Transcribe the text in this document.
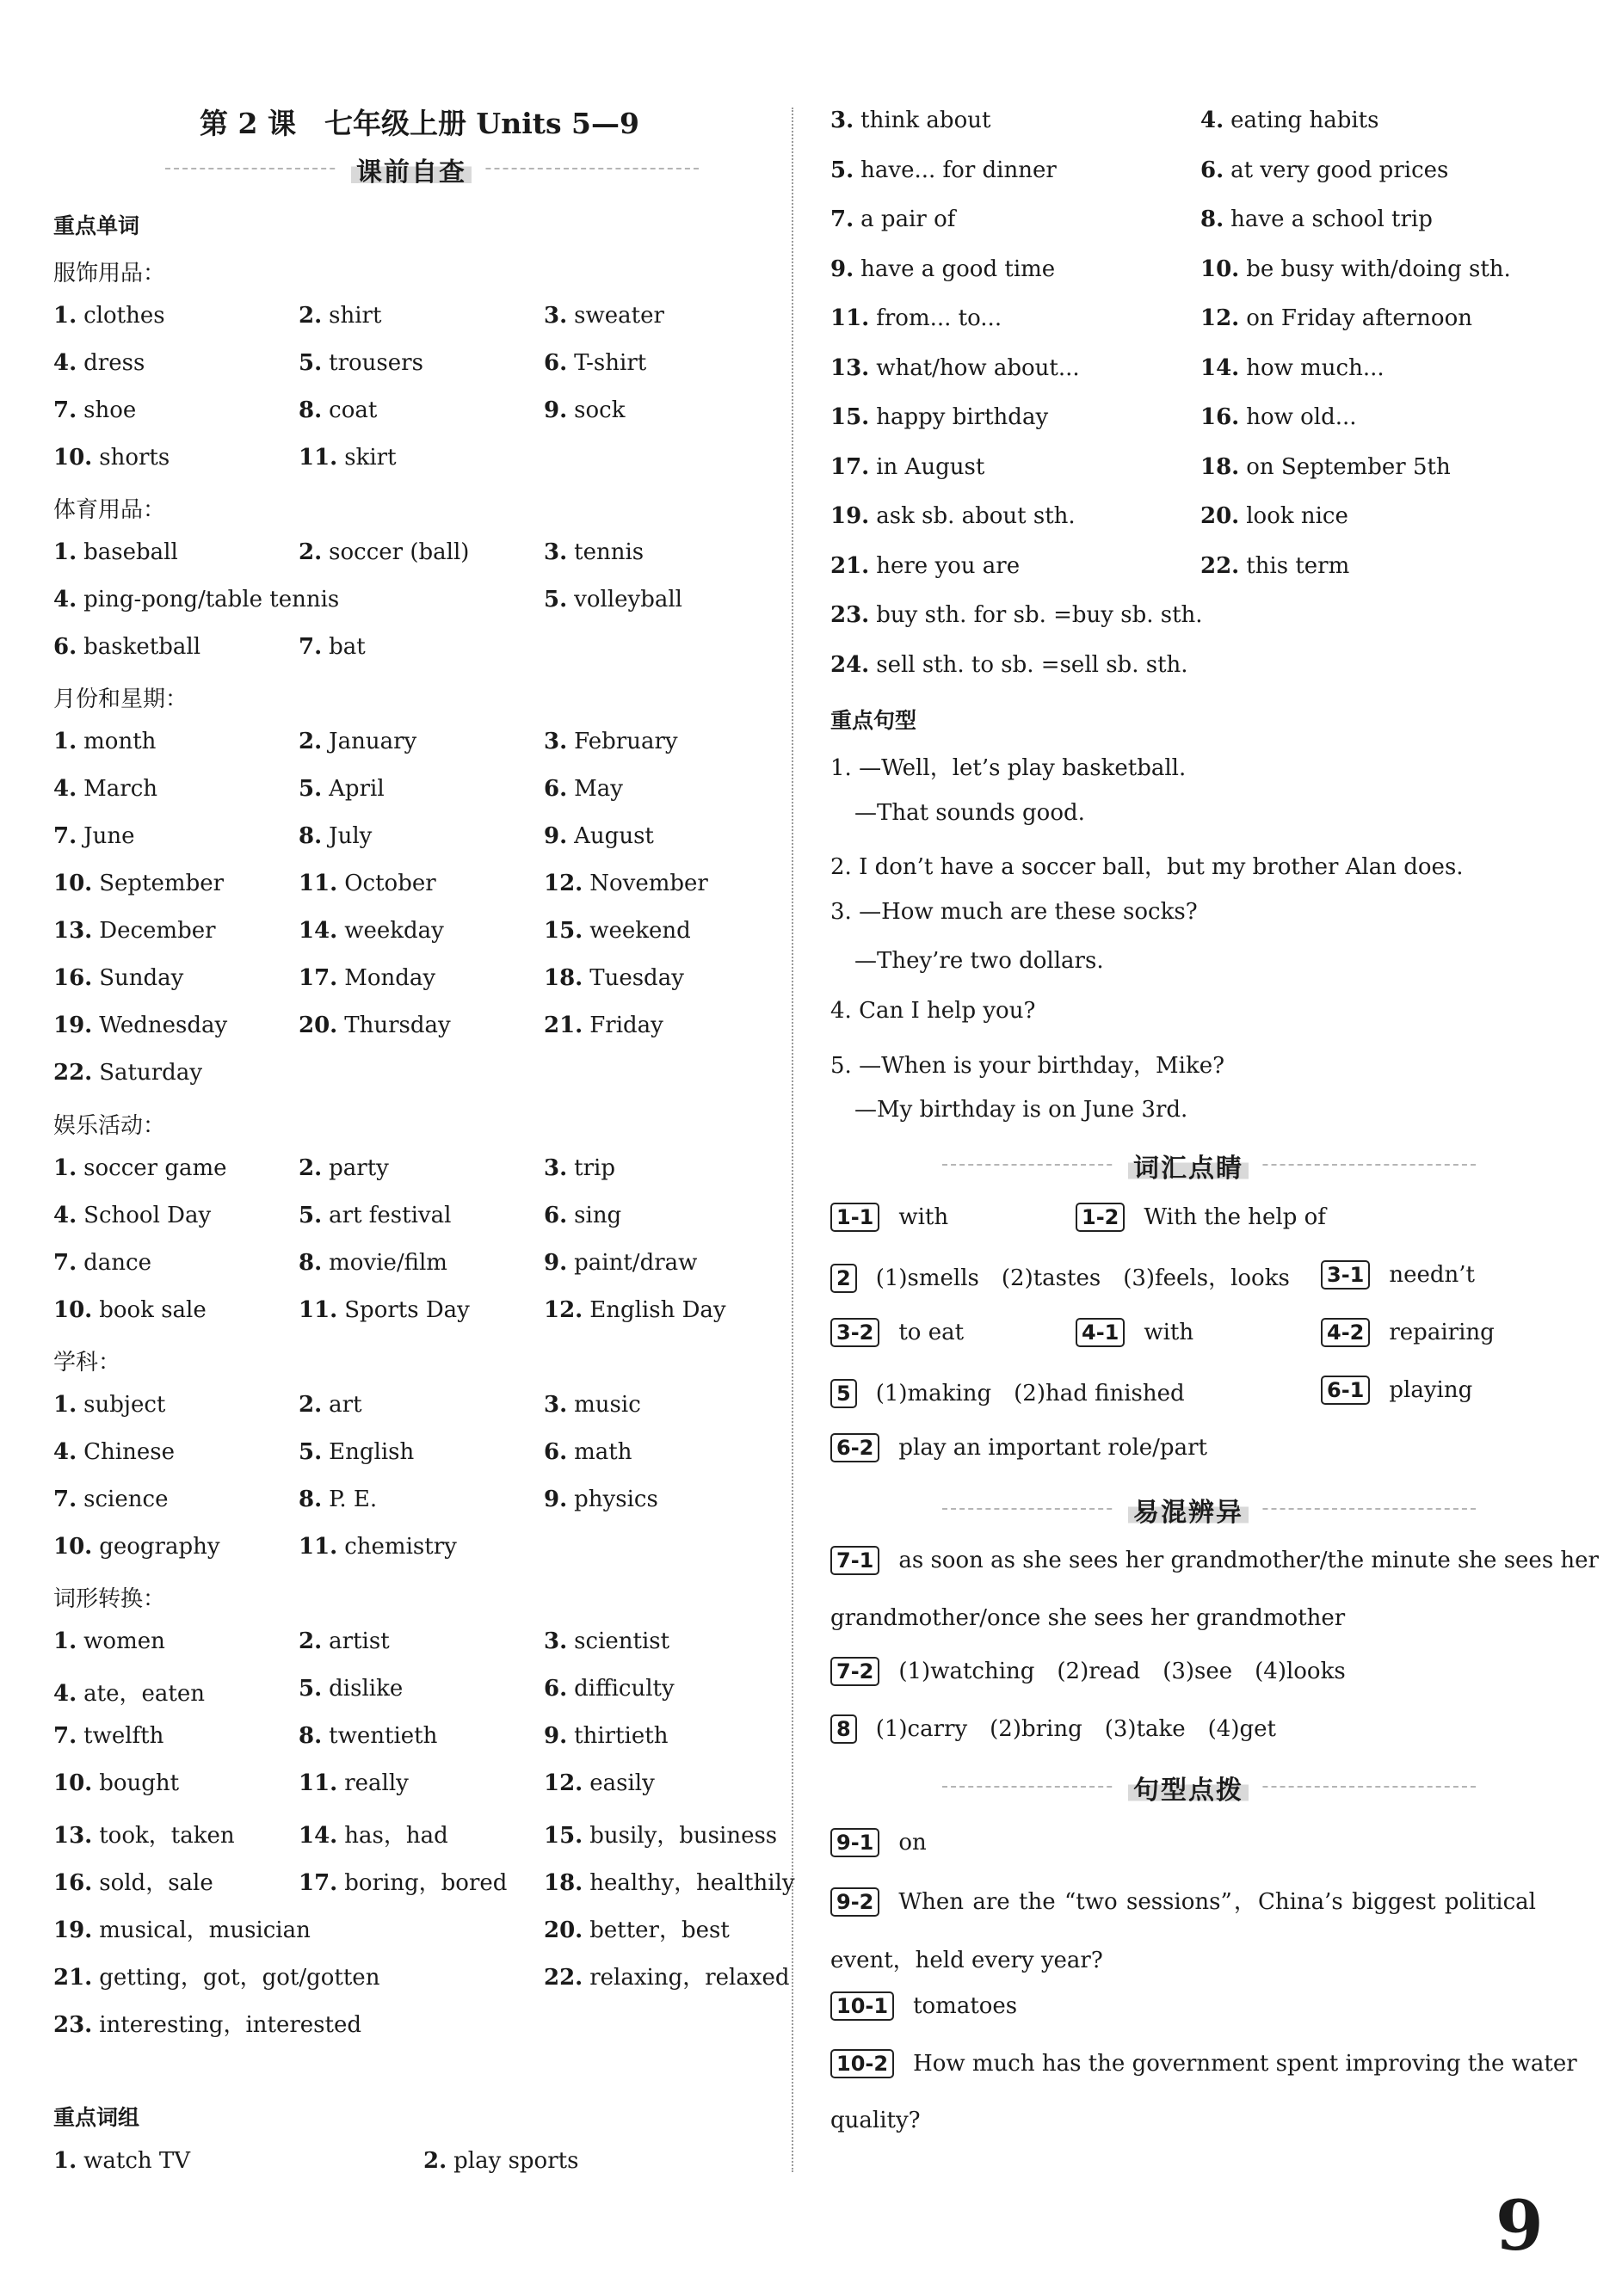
第 2 课　七年级上册 Units 5—9
课前自查
重点单词
服饰用品：
1. clothes	2. shirt	3. sweater
4. dress	5. trousers	6. T-shirt
7. shoe	8. coat	9. sock
10. shorts	11. skirt
体育用品：
1. baseball	2. soccer (ball)	3. tennis
4. ping-pong/table tennis	5. volleyball
6. basketball	7. bat
月份和星期：
1. month	2. January	3. February
4. March	5. April	6. May
7. June	8. July	9. August
10. September	11. October	12. November
13. December	14. weekday	15. weekend
16. Sunday	17. Monday	18. Tuesday
19. Wednesday	20. Thursday	21. Friday
22. Saturday
娱乐活动：
1. soccer game	2. party	3. trip
4. School Day	5. art festival	6. sing
7. dance	8. movie/film	9. paint/draw
10. book sale	11. Sports Day	12. English Day
学科：
1. subject	2. art	3. music
4. Chinese	5. English	6. math
7. science	8. P. E.	9. physics
10. geography	11. chemistry
词形转换：
1. women	2. artist	3. scientist
4. ate，eaten	5. dislike	6. difficulty
7. twelfth	8. twentieth	9. thirtieth
10. bought	11. really	12. easily
13. took，taken	14. has，had	15. busily，business
16. sold，sale	17. boring，bored 18. healthy，healthily
19. musical，musician	20. better，best
21. getting，got，got/gotten	22. relaxing，relaxed
23. interesting，interested
重点词组
1. watch TV	2. play sports
3. think about	4. eating habits
5. have... for dinner	6. at very good prices
7. a pair of	8. have a school trip
9. have a good time	10. be busy with/doing sth.
11. from... to...	12. on Friday afternoon
13. what/how about...	14. how much...
15. happy birthday	16. how old...
17. in August	18. on September 5th
19. ask sb. about sth.	20. look nice
21. here you are	22. this term
23. buy sth. for sb. =buy sb. sth.
24. sell sth. to sb. =sell sb. sth.
重点句型
1. —Well，let’s play basketball.
—That sounds good.
2. I don’t have a soccer ball，but my brother Alan does.
3. —How much are these socks?
—They’re two dollars.
4. Can I help you?
5. —When is your birthday，Mike?
—My birthday is on June 3rd.
词汇点睛
1-1 with	1-2 With the help of
2 (1)smells　(2)tastes　(3)feels，looks 3-1 needn’t
3-2 to eat	4-1 with	4-2 repairing
5 (1)making　(2)had finished	6-1 playing
6-2 play an important role/part
易混辨异
7-1 as soon as she sees her grandmother/the minute she sees her
grandmother/once she sees her grandmother
7-2 (1)watching　(2)read　(3)see　(4)looks
8 (1)carry　(2)bring　(3)take　(4)get
句型点拨
9-1 on
9-2 When are the “two sessions”，China’s biggest political
event，held every year?
10-1 tomatoes
10-2 How much has the government spent improving the water
quality?
9
